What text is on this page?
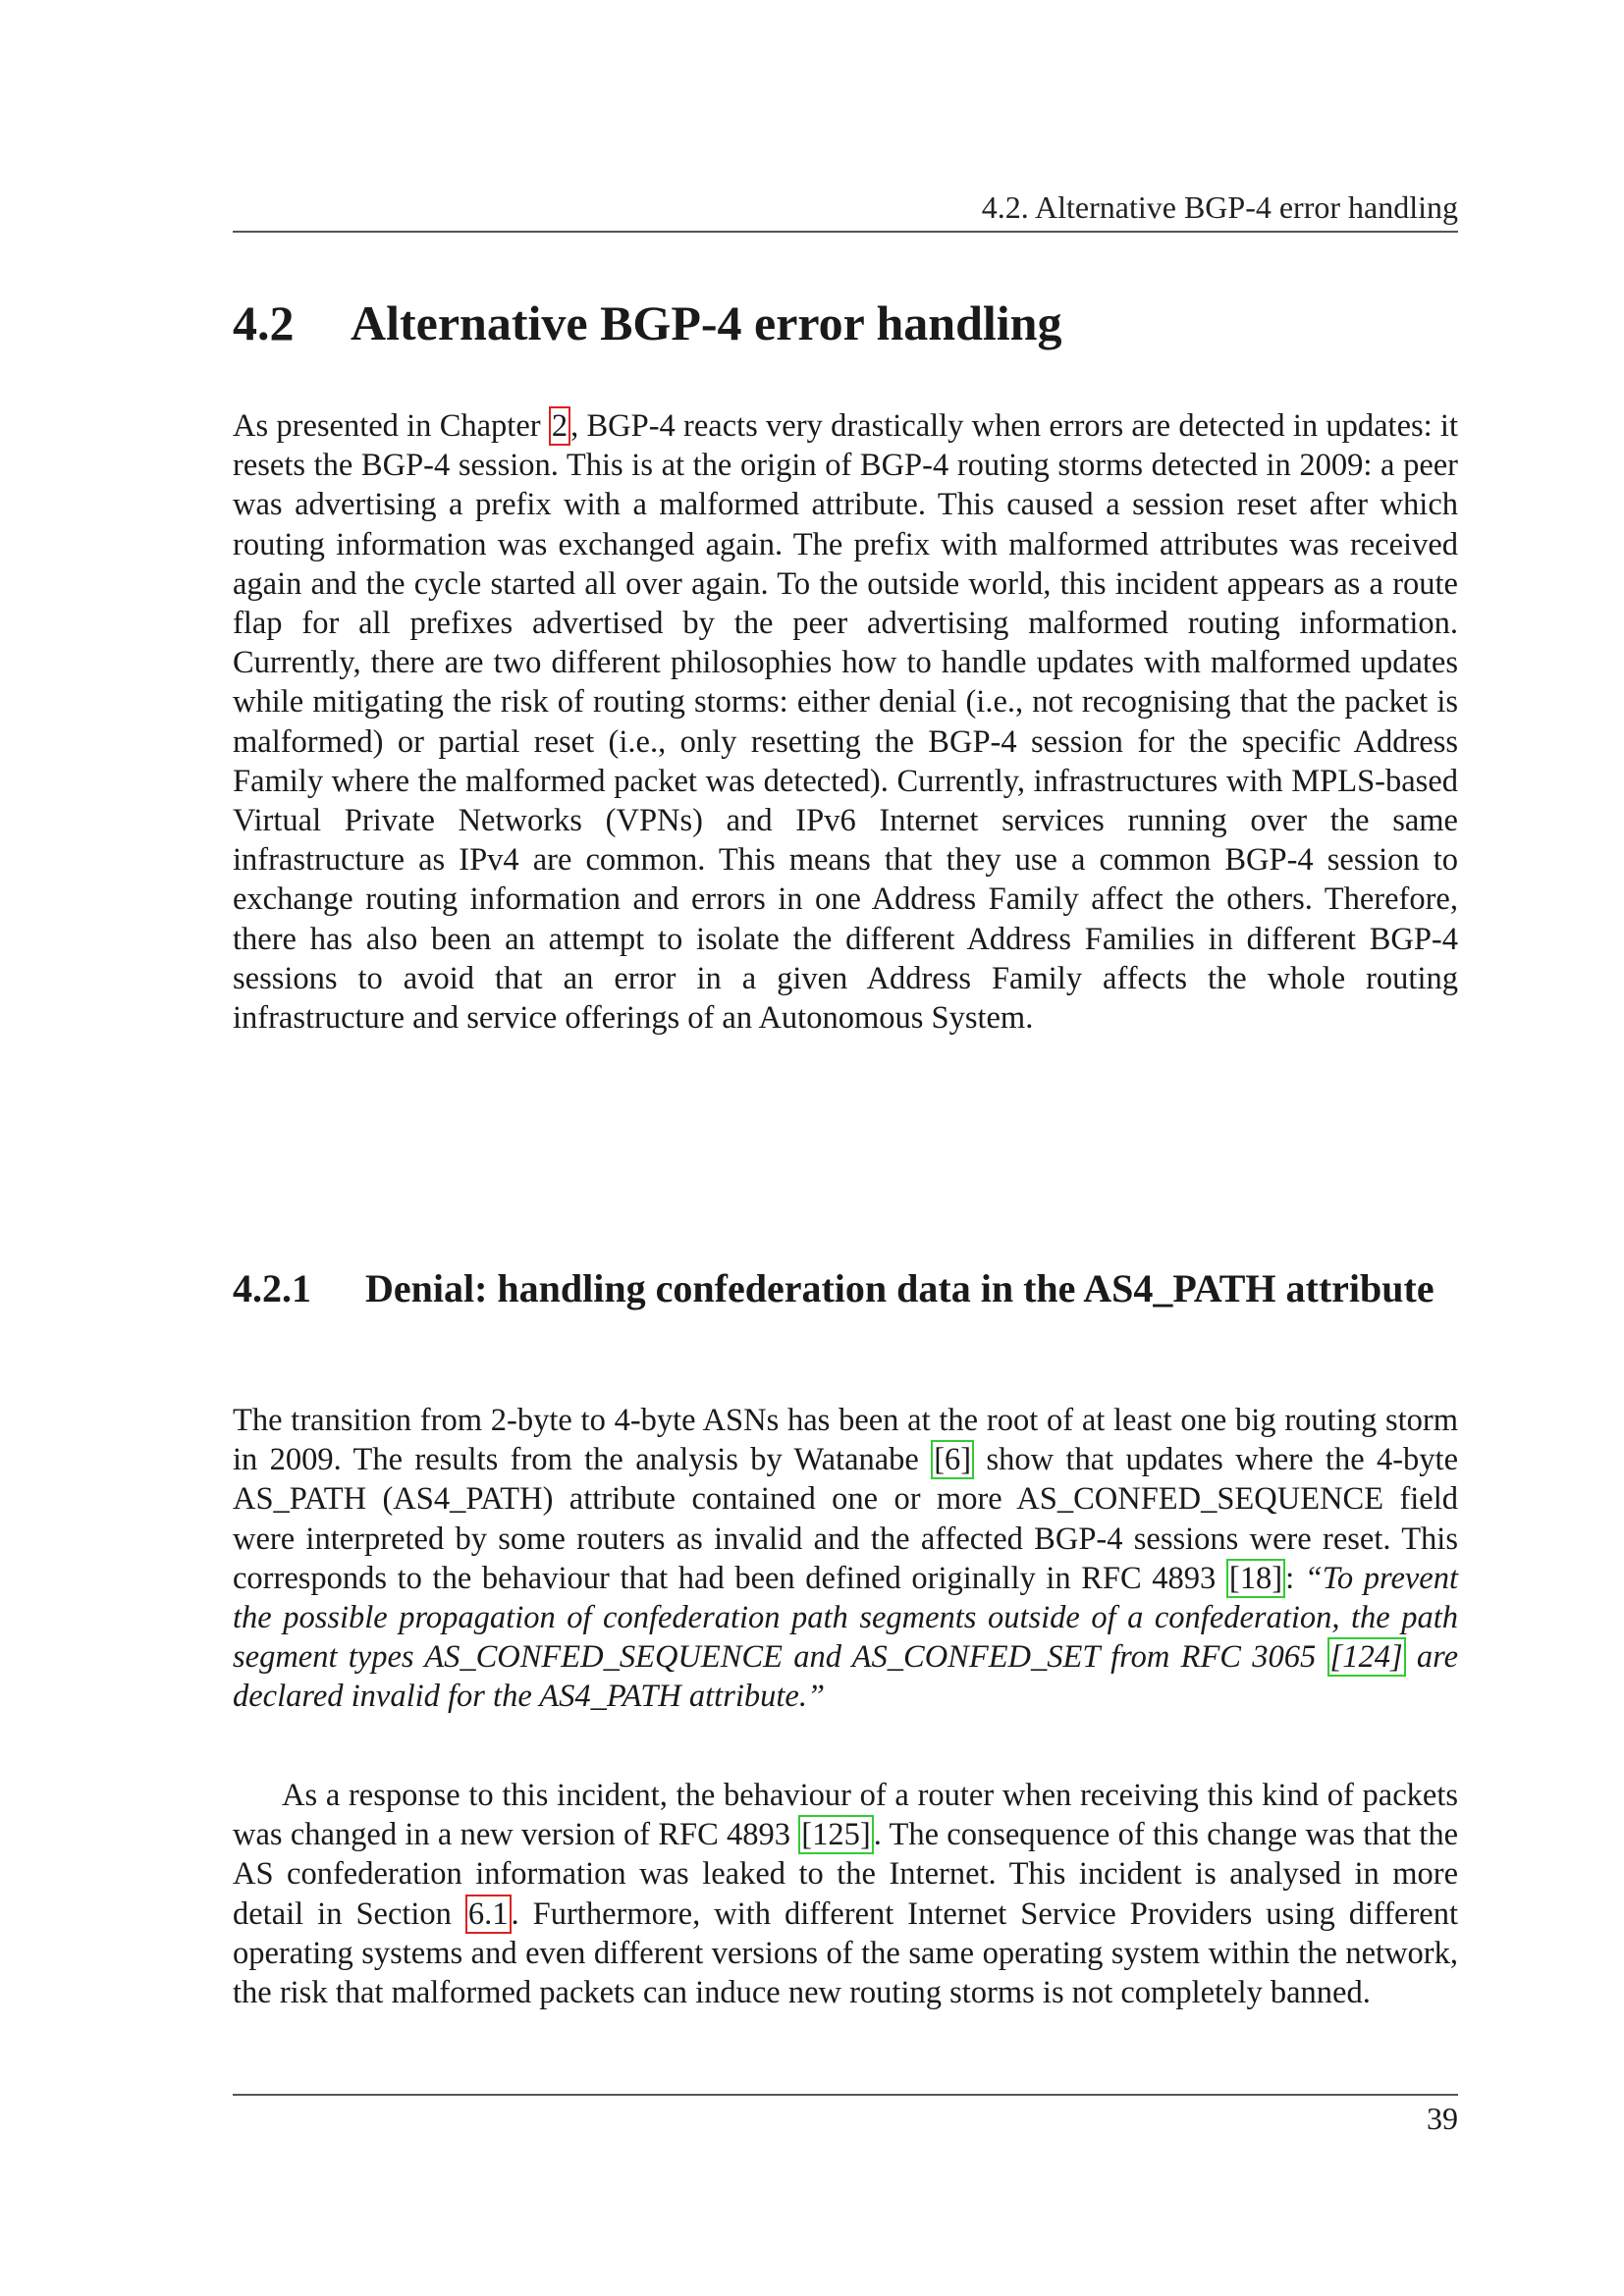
4.2. Alternative BGP-4 error handling
4.2 Alternative BGP-4 error handling

As presented in Chapter 2, BGP-4 reacts very drastically when errors are detected in updates: it resets the BGP-4 session. This is at the origin of BGP-4 routing storms detected in 2009: a peer was advertising a prefix with a malformed attribute. This caused a session reset after which routing information was exchanged again. The prefix with malformed attributes was received again and the cycle started all over again. To the outside world, this incident appears as a route flap for all prefixes advertised by the peer advertising malformed routing information. Currently, there are two different philosophies how to handle updates with malformed updates while mitigating the risk of routing storms: either denial (i.e., not recognising that the packet is malformed) or partial reset (i.e., only resetting the BGP-4 session for the specific Address Family where the malformed packet was detected). Currently, infrastructures with MPLS-based Virtual Private Networks (VPNs) and IPv6 Internet services running over the same infrastructure as IPv4 are common. This means that they use a common BGP-4 session to exchange routing information and errors in one Address Family affect the others. Therefore, there has also been an attempt to isolate the different Address Families in different BGP-4 sessions to avoid that an error in a given Address Family affects the whole routing infrastructure and service offerings of an Autonomous System.

4.2.1	Denial: handling confederation data in the AS4_PATH attribute

The transition from 2-byte to 4-byte ASNs has been at the root of at least one big routing storm in 2009. The results from the analysis by Watanabe [6] show that updates where the 4-byte AS_PATH (AS4_PATH) attribute contained one or more AS_CONFED_SEQUENCE field were interpreted by some routers as invalid and the affected BGP-4 sessions were reset. This corresponds to the behaviour that had been defined originally in RFC 4893 [18]: “To prevent the possible propagation of confederation path segments outside of a confederation, the path segment types AS_CONFED_SEQUENCE and AS_CONFED_SET from RFC 3065 [124] are declared invalid for the AS4_PATH attribute.”

As a response to this incident, the behaviour of a router when receiving this kind of packets was changed in a new version of RFC 4893 [125]. The consequence of this change was that the AS confederation information was leaked to the Internet. This incident is analysed in more detail in Section 6.1. Furthermore, with different Internet Service Providers using different operating systems and even different versions of the same operating system within the network, the risk that malformed packets can induce new routing storms is not completely banned.

39
